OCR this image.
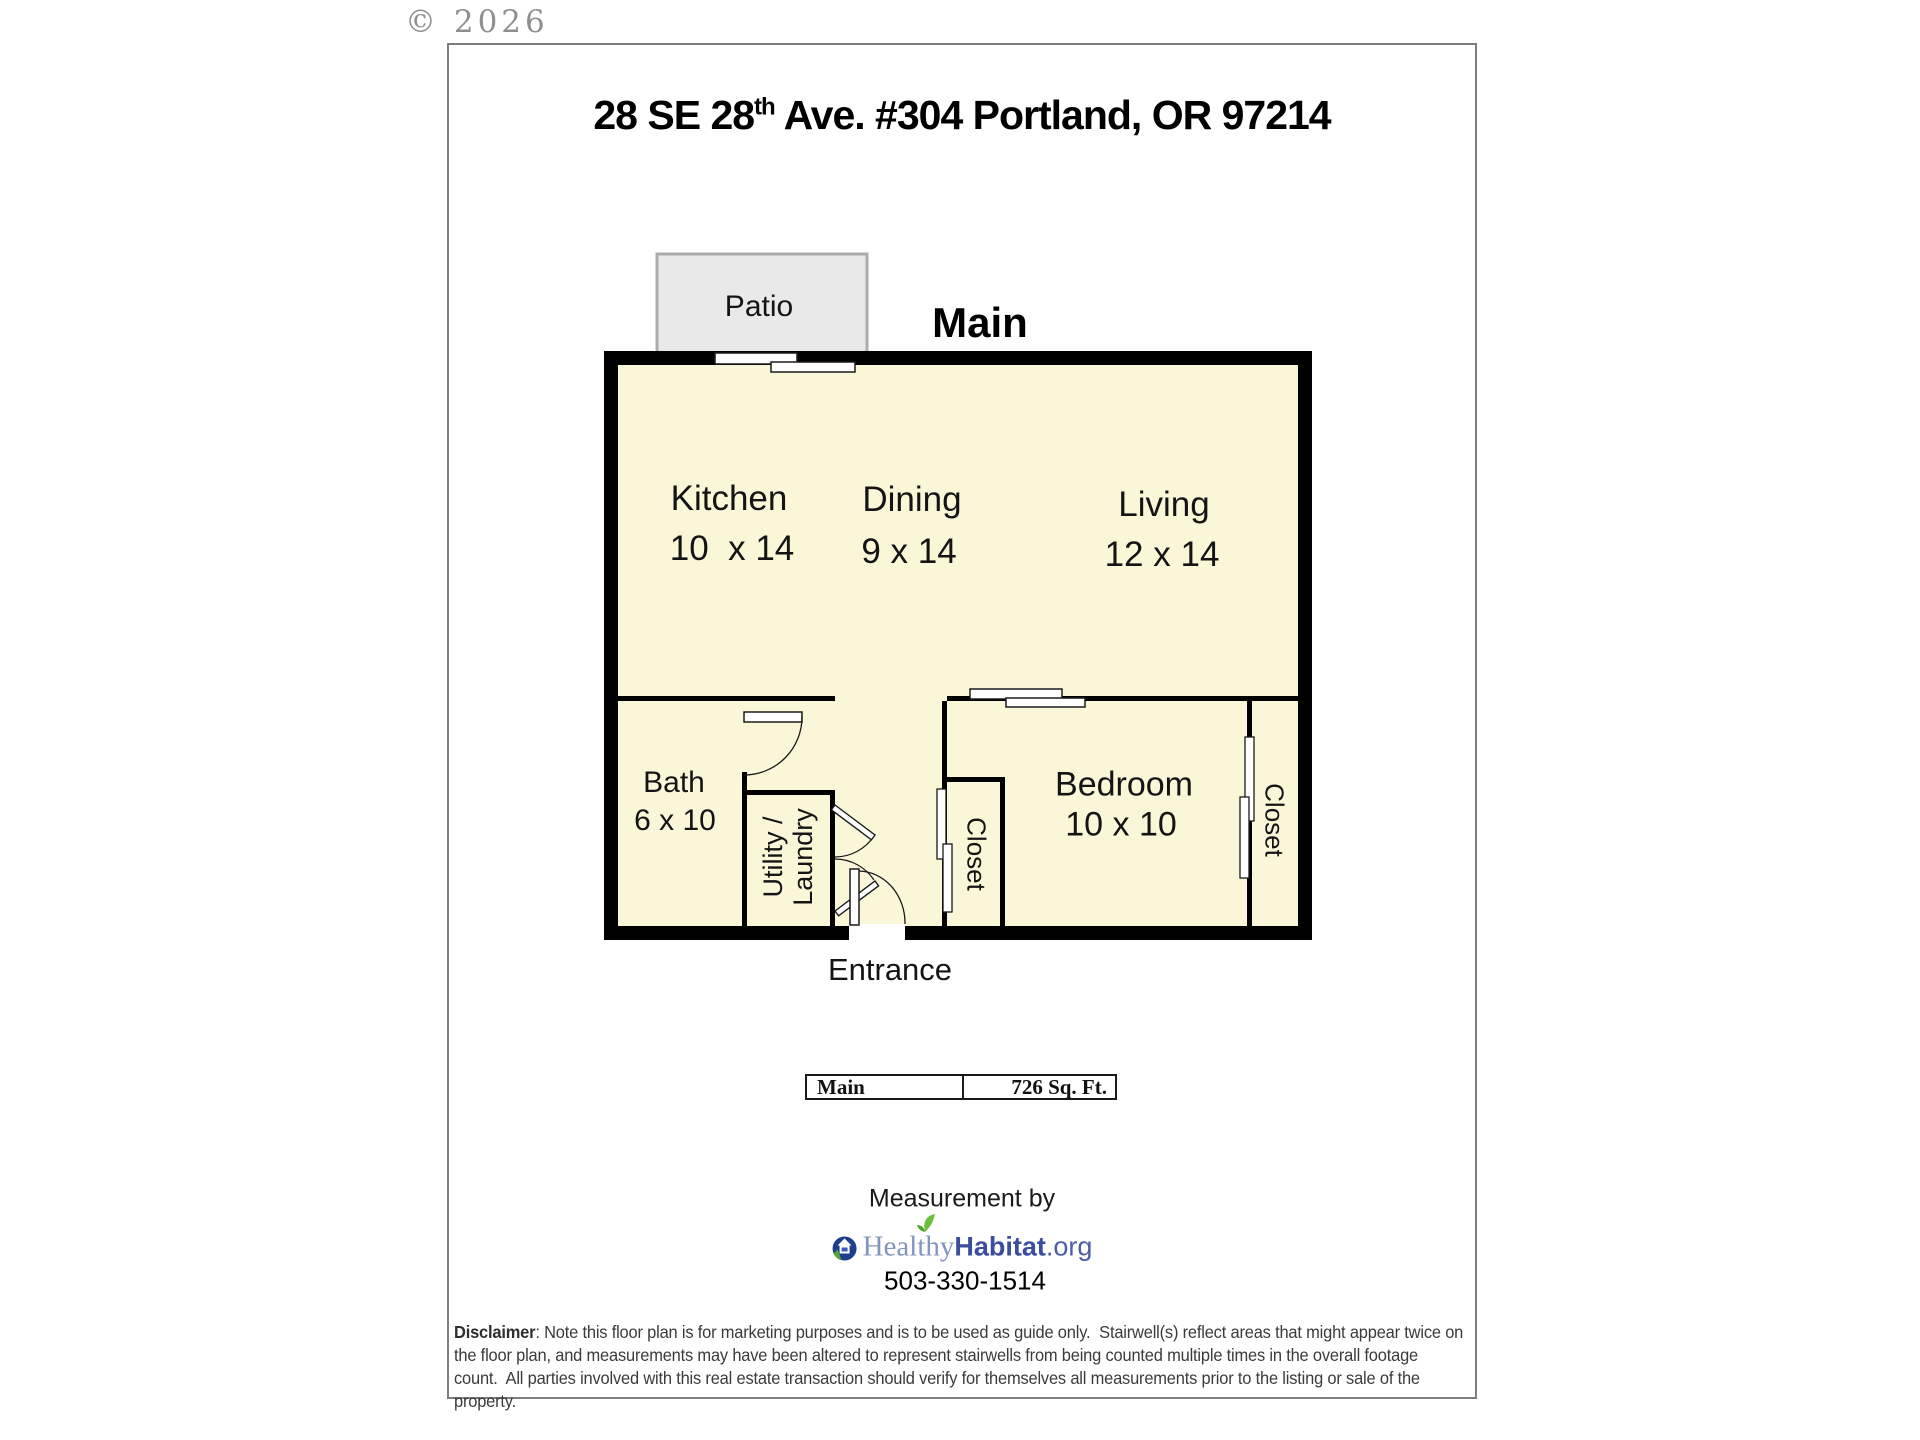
© 2026
28 SE 28th Ave. #304 Portland, OR 97214
Patio	Main
Kitchen
10  x 14
Dining
9 x 14
Living
12 x 14
Bath
6 x 10 Utility / Laundry	Closet	Closet
Bedroom
10 x 10
Entrance
Main	726 Sq. Ft.
Measurement by
Healthy Habitat .org
503-330-1514
Disclaimer: Note this floor plan is for marketing purposes and is to be used as guide only.  Stairwell(s) reflect areas that might appear twice on the floor plan, and measurements may have been altered to represent stairwells from being counted multiple times in the overall footage count.  All parties involved with this real estate transaction should verify for themselves all measurements prior to the listing or sale of the property.
